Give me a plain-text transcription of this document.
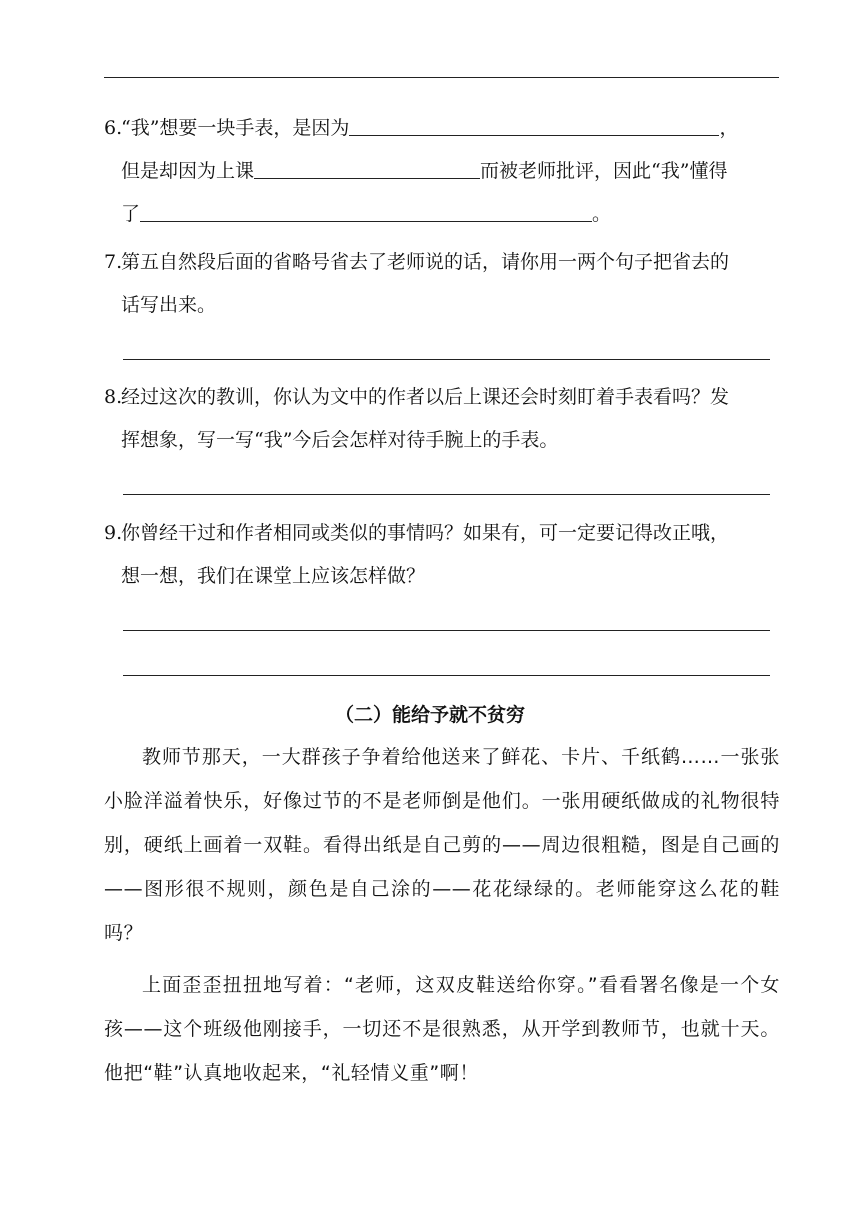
6.“我”想要一块手表，是因为	，
但是却因为上课	而被老师批评，因此“我”懂得
了	。
7.第五自然段后面的省略号省去了老师说的话，请你用一两个句子把省去的
话写出来。
8.经过这次的教训，你认为文中的作者以后上课还会时刻盯着手表看吗？发
挥想象，写一写“我”今后会怎样对待手腕上的手表。
9.你曾经干过和作者相同或类似的事情吗？如果有，可一定要记得改正哦，
想一想，我们在课堂上应该怎样做？
（二）能给予就不贫穷
教师节那天，一大群孩子争着给他送来了鲜花、卡片、千纸鹤……一张张小脸洋溢着快乐，好像过节的不是老师倒是他们。一张用硬纸做成的礼物很特别，硬纸上画着一双鞋。看得出纸是自己剪的——周边很粗糙，图是自己画的——图形很不规则，颜色是自己涂的——花花绿绿的。老师能穿这么花的鞋吗？
上面歪歪扭扭地写着：“老师，这双皮鞋送给你穿。”看看署名像是一个女孩——这个班级他刚接手，一切还不是很熟悉，从开学到教师节，也就十天。他把“鞋”认真地收起来，“礼轻情义重”啊！
